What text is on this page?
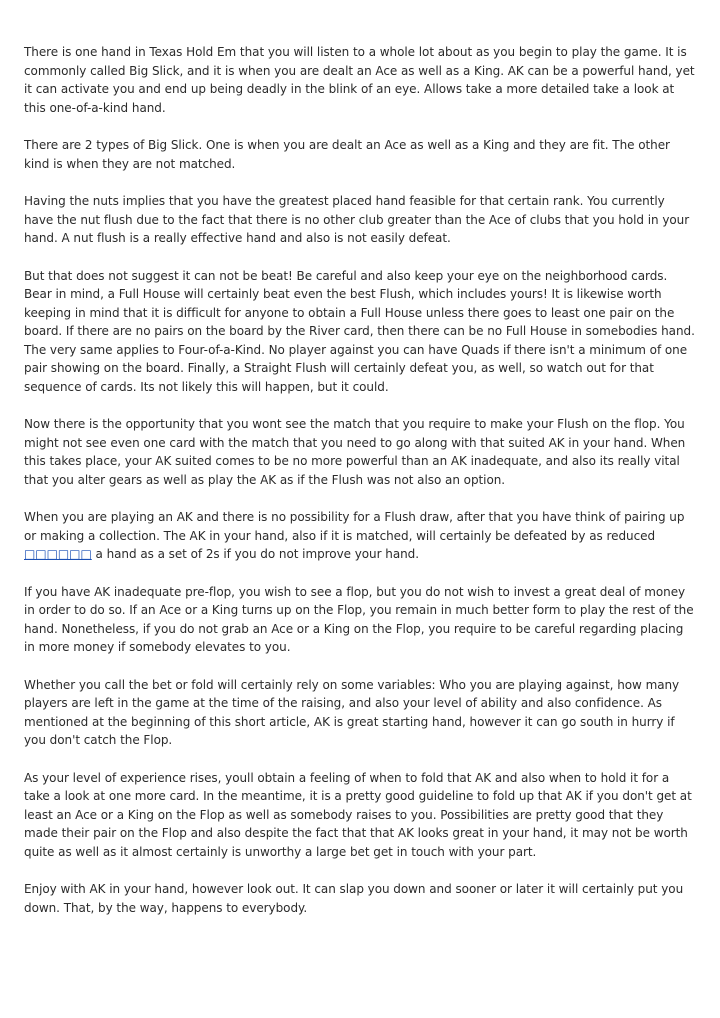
There is one hand in Texas Hold Em that you will listen to a whole lot about as you begin to play the game. It is commonly called Big Slick, and it is when you are dealt an Ace as well as a King. AK can be a powerful hand, yet it can activate you and end up being deadly in the blink of an eye. Allows take a more detailed take a look at this one-of-a-kind hand.

There are 2 types of Big Slick. One is when you are dealt an Ace as well as a King and they are fit. The other kind is when they are not matched.

Having the nuts implies that you have the greatest placed hand feasible for that certain rank. You currently have the nut flush due to the fact that there is no other club greater than the Ace of clubs that you hold in your hand. A nut flush is a really effective hand and also is not easily defeat.

But that does not suggest it can not be beat! Be careful and also keep your eye on the neighborhood cards. Bear in mind, a Full House will certainly beat even the best Flush, which includes yours! It is likewise worth keeping in mind that it is difficult for anyone to obtain a Full House unless there goes to least one pair on the board. If there are no pairs on the board by the River card, then there can be no Full House in somebodies hand. The very same applies to Four-of-a-Kind. No player against you can have Quads if there isn't a minimum of one pair showing on the board. Finally, a Straight Flush will certainly defeat you, as well, so watch out for that sequence of cards. Its not likely this will happen, but it could.

Now there is the opportunity that you wont see the match that you require to make your Flush on the flop. You might not see even one card with the match that you need to go along with that suited AK in your hand. When this takes place, your AK suited comes to be no more powerful than an AK inadequate, and also its really vital that you alter gears as well as play the AK as if the Flush was not also an option.

When you are playing an AK and there is no possibility for a Flush draw, after that you have think of pairing up or making a collection. The AK in your hand, also if it is matched, will certainly be defeated by as reduced □□□□□□ a hand as a set of 2s if you do not improve your hand.

If you have AK inadequate pre-flop, you wish to see a flop, but you do not wish to invest a great deal of money in order to do so. If an Ace or a King turns up on the Flop, you remain in much better form to play the rest of the hand. Nonetheless, if you do not grab an Ace or a King on the Flop, you require to be careful regarding placing in more money if somebody elevates to you.

Whether you call the bet or fold will certainly rely on some variables: Who you are playing against, how many players are left in the game at the time of the raising, and also your level of ability and also confidence. As mentioned at the beginning of this short article, AK is great starting hand, however it can go south in hurry if you don't catch the Flop.

As your level of experience rises, youll obtain a feeling of when to fold that AK and also when to hold it for a take a look at one more card. In the meantime, it is a pretty good guideline to fold up that AK if you don't get at least an Ace or a King on the Flop as well as somebody raises to you. Possibilities are pretty good that they made their pair on the Flop and also despite the fact that that AK looks great in your hand, it may not be worth quite as well as it almost certainly is unworthy a large bet get in touch with your part.

Enjoy with AK in your hand, however look out. It can slap you down and sooner or later it will certainly put you down. That, by the way, happens to everybody.
